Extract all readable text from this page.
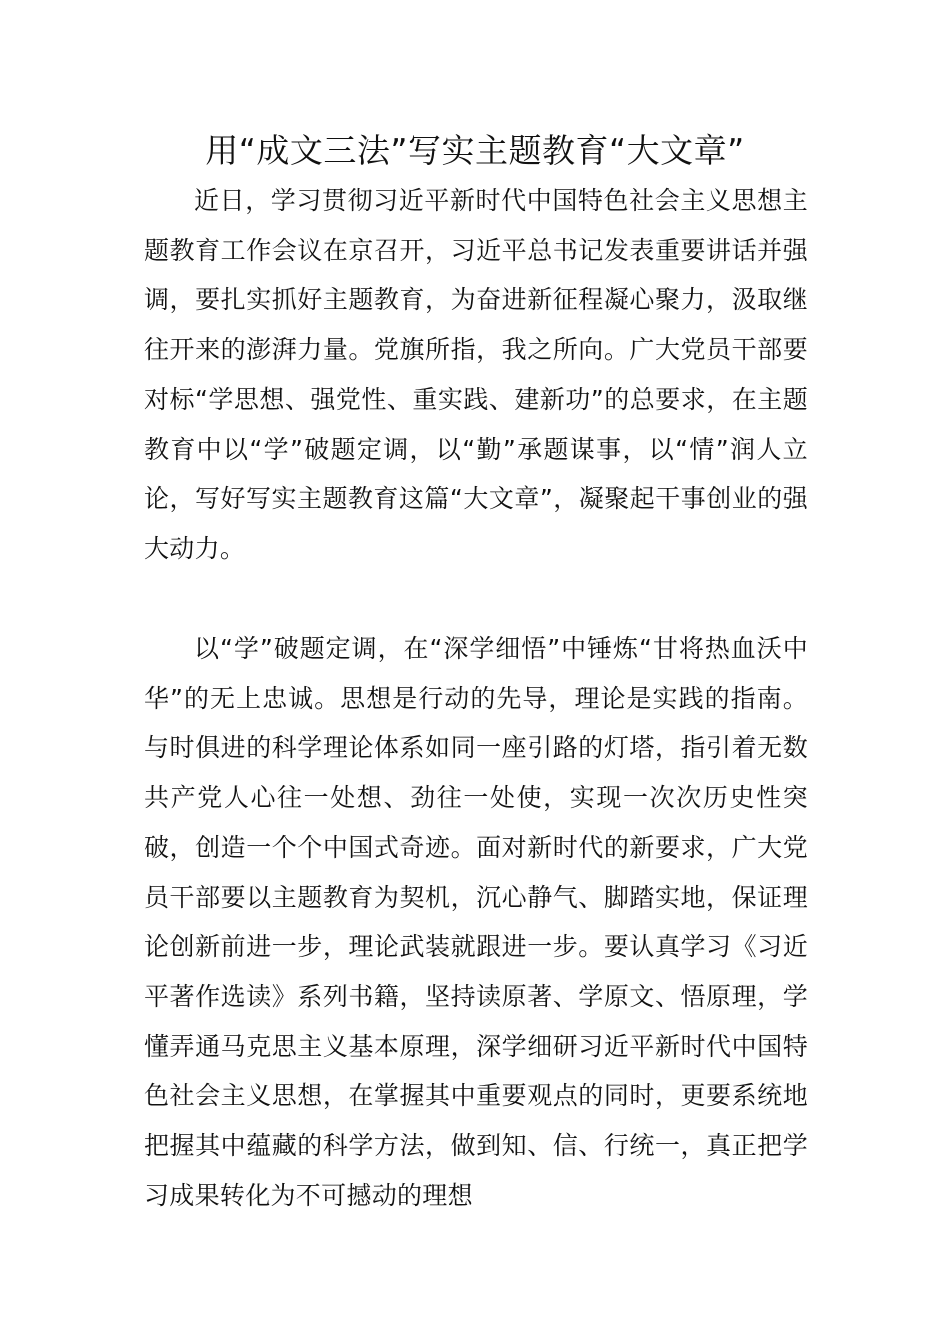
用“成文三法”写实主题教育“大文章”

近日，学习贯彻习近平新时代中国特色社会主义思想主题教育工作会议在京召开，习近平总书记发表重要讲话并强调，要扎实抓好主题教育，为奋进新征程凝心聚力，汲取继往开来的澎湃力量。党旗所指，我之所向。广大党员干部要对标“学思想、强党性、重实践、建新功”的总要求，在主题教育中以“学”破题定调，以“勤”承题谋事，以“情”润人立论，写好写实主题教育这篇“大文章”，凝聚起干事创业的强大动力。

以“学”破题定调，在“深学细悟”中锤炼“甘将热血沃中华”的无上忠诚。思想是行动的先导，理论是实践的指南。与时俱进的科学理论体系如同一座引路的灯塔，指引着无数共产党人心往一处想、劲往一处使，实现一次次历史性突破，创造一个个中国式奇迹。面对新时代的新要求，广大党员干部要以主题教育为契机，沉心静气、脚踏实地，保证理论创新前进一步，理论武装就跟进一步。要认真学习《习近平著作选读》系列书籍，坚持读原著、学原文、悟原理，学懂弄通马克思主义基本原理，深学细研习近平新时代中国特色社会主义思想，在掌握其中重要观点的同时，更要系统地把握其中蕴藏的科学方法，做到知、信、行统一，真正把学习成果转化为不可撼动的理想
